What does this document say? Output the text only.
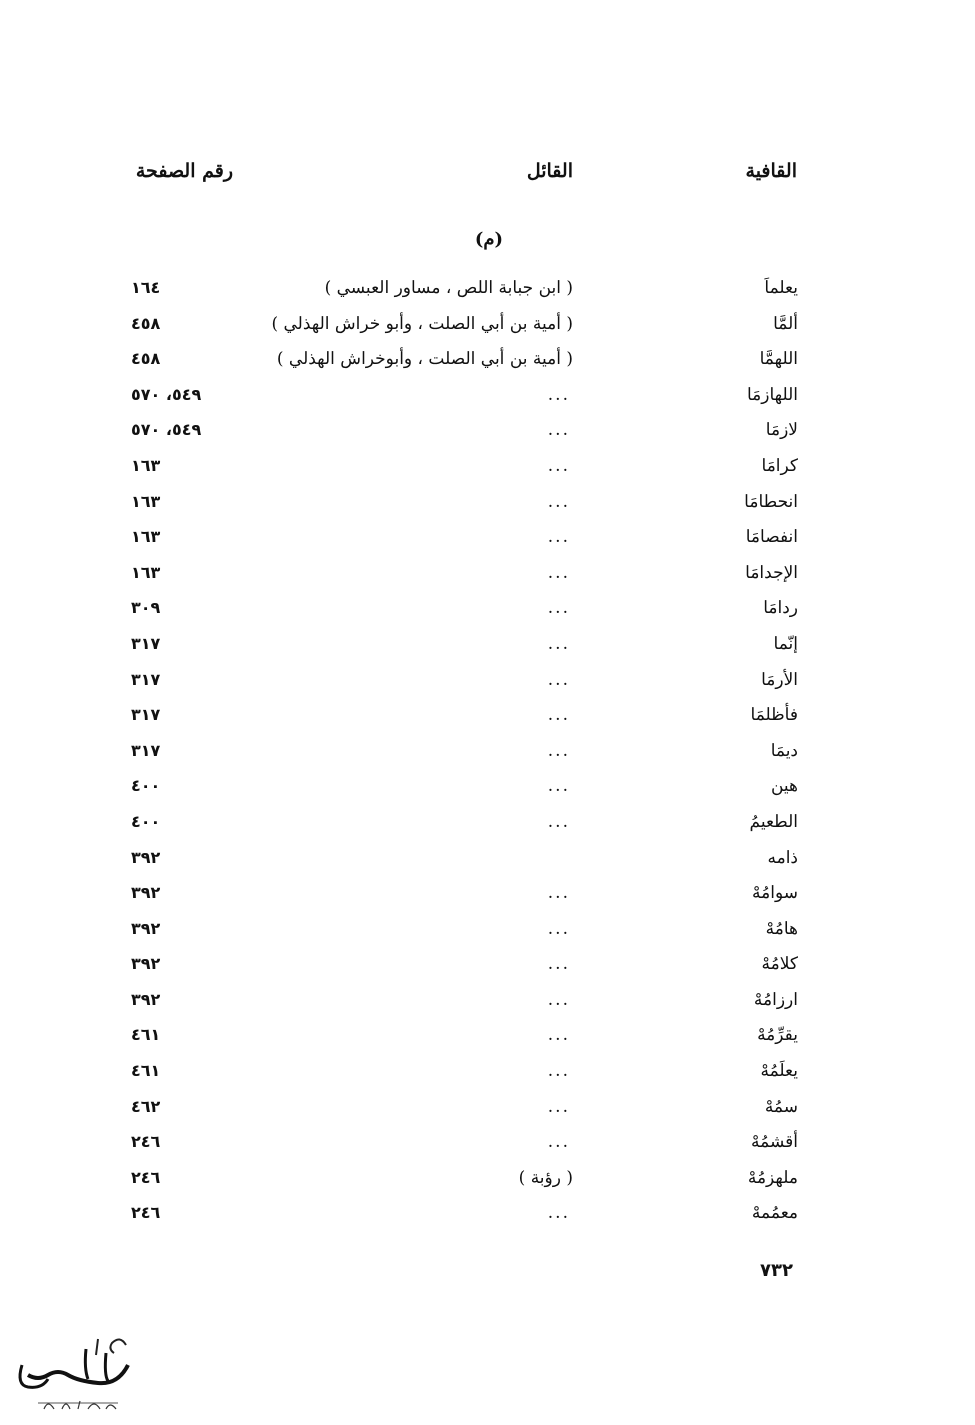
القافية
القائل
رقم الصفحة
(م)
يعلماَ
( ابن جبابة اللص ، مساور العبسي )
١٦٤
ألمَّا
( أمية بن أبي الصلت ، وأبو خراش الهذلي )
٤٥٨
اللهمَّا
( أمية بن أبي الصلت ، وأبوخراش الهذلي )
٤٥٨
اللهازمَا
...
٥٤٩، ٥٧٠
لازمَا
...
٥٤٩، ٥٧٠
كرامَا
...
١٦٣
انحطامَا
...
١٦٣
انفصامَا
...
١٦٣
الإجدامَا
...
١٦٣
ردامَا
...
٣٠٩
إنّما
...
٣١٧
الأرمَا
...
٣١٧
فأظلمَا
...
٣١٧
ديمَا
...
٣١٧
هين
...
٤٠٠
الطعيمُ
...
٤٠٠
ذامه
٣٩٢
سوامُهْ
...
٣٩٢
هامُهْ
...
٣٩٢
كلامُهْ
...
٣٩٢
ارزامُهْ
...
٣٩٢
يقرِّمُهْ
...
٤٦١
يعلَمُهْ
...
٤٦١
سمُهْ
...
٤٦٢
أقشمُهْ
...
٢٤٦
ملهزمُهْ
( رؤبة )
٢٤٦
معمُمهْ
...
٢٤٦
٧٣٢
